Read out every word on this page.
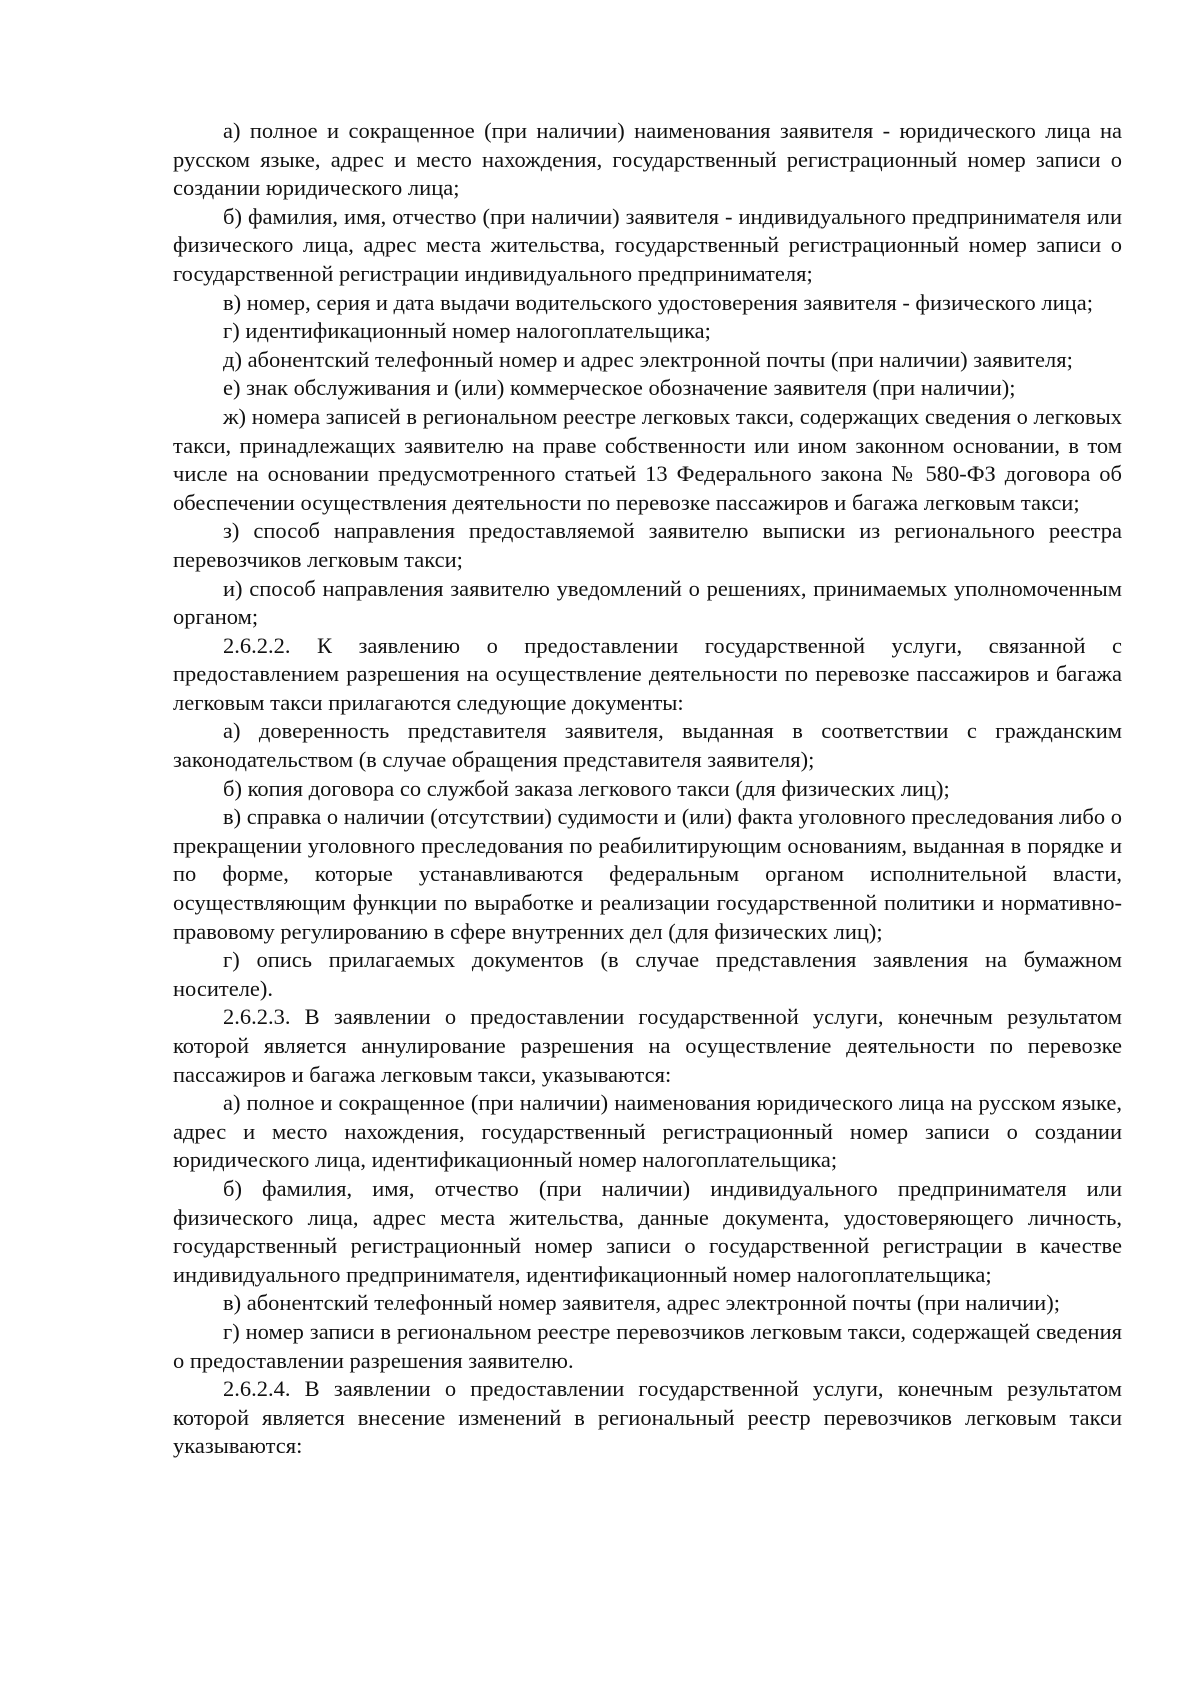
а) полное и сокращенное (при наличии) наименования заявителя - юридического лица на русском языке, адрес и место нахождения, государственный регистрационный номер записи о создании юридического лица;

б) фамилия, имя, отчество (при наличии) заявителя - индивидуального предпринимателя или физического лица, адрес места жительства, государственный регистрационный номер записи о государственной регистрации индивидуального предпринимателя;

в) номер, серия и дата выдачи водительского удостоверения заявителя - физического лица;

г) идентификационный номер налогоплательщика;

д) абонентский телефонный номер и адрес электронной почты (при наличии) заявителя;

е) знак обслуживания и (или) коммерческое обозначение заявителя (при наличии);

ж) номера записей в региональном реестре легковых такси, содержащих сведения о легковых такси, принадлежащих заявителю на праве собственности или ином законном основании, в том числе на основании предусмотренного статьей 13 Федерального закона № 580-ФЗ договора об обеспечении осуществления деятельности по перевозке пассажиров и багажа легковым такси;

з) способ направления предоставляемой заявителю выписки из регионального реестра перевозчиков легковым такси;

и) способ направления заявителю уведомлений о решениях, принимаемых уполномоченным органом;

2.6.2.2. К заявлению о предоставлении государственной услуги, связанной с предоставлением разрешения на осуществление деятельности по перевозке пассажиров и багажа легковым такси прилагаются следующие документы:

а) доверенность представителя заявителя, выданная в соответствии с гражданским законодательством (в случае обращения представителя заявителя);

б) копия договора со службой заказа легкового такси (для физических лиц);

в) справка о наличии (отсутствии) судимости и (или) факта уголовного преследования либо о прекращении уголовного преследования по реабилитирующим основаниям, выданная в порядке и по форме, которые устанавливаются федеральным органом исполнительной власти, осуществляющим функции по выработке и реализации государственной политики и нормативно-правовому регулированию в сфере внутренних дел (для физических лиц);

г) опись прилагаемых документов (в случае представления заявления на бумажном носителе).

2.6.2.3. В заявлении о предоставлении государственной услуги, конечным результатом которой является аннулирование разрешения на осуществление деятельности по перевозке пассажиров и багажа легковым такси, указываются:

а) полное и сокращенное (при наличии) наименования юридического лица на русском языке, адрес и место нахождения, государственный регистрационный номер записи о создании юридического лица, идентификационный номер налогоплательщика;

б) фамилия, имя, отчество (при наличии) индивидуального предпринимателя или физического лица, адрес места жительства, данные документа, удостоверяющего личность, государственный регистрационный номер записи о государственной регистрации в качестве индивидуального предпринимателя, идентификационный номер налогоплательщика;

в) абонентский телефонный номер заявителя, адрес электронной почты (при наличии);

г) номер записи в региональном реестре перевозчиков легковым такси, содержащей сведения о предоставлении разрешения заявителю.

2.6.2.4. В заявлении о предоставлении государственной услуги, конечным результатом которой является внесение изменений в региональный реестр перевозчиков легковым такси указываются:
